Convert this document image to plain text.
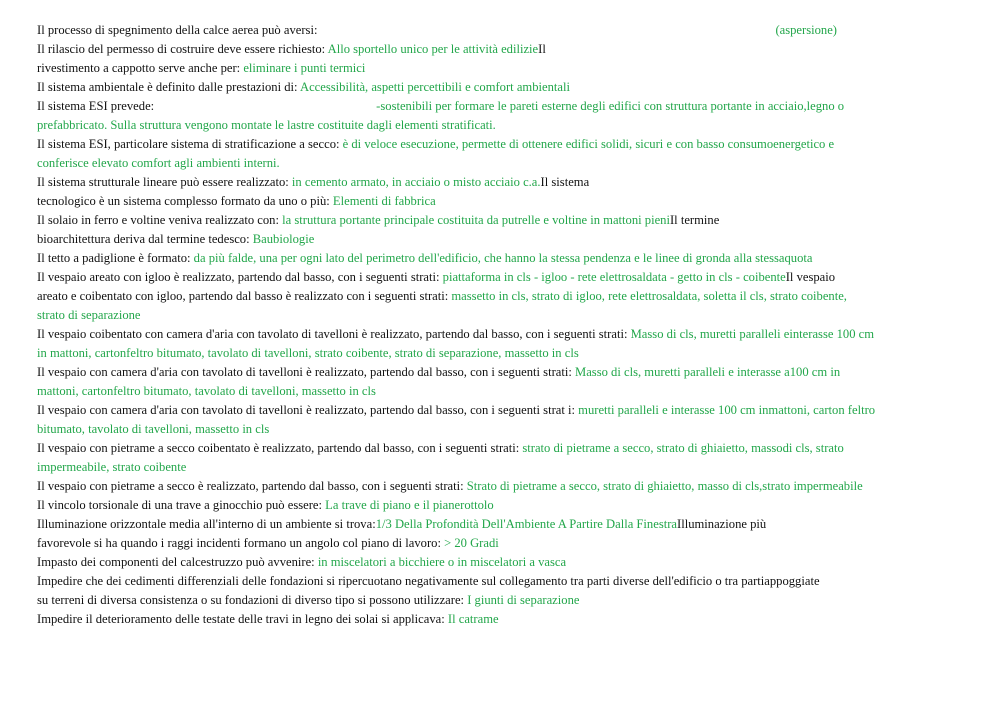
Il processo di spegnimento della calce aerea può aversi:	(aspersione)
Il rilascio del permesso di costruire deve essere richiesto: Allo sportello unico per le attività edilizieIl
rivestimento a cappotto serve anche per: eliminare i punti termici
Il sistema ambientale è definito dalle prestazioni di: Accessibilità, aspetti percettibili e comfort ambientali
Il sistema ESI prevede:	-sostenibili per formare le pareti esterne degli edifici con struttura portante in acciaio,legno o
prefabbricato. Sulla struttura vengono montate le lastre costituite dagli elementi stratificati.
Il sistema ESI, particolare sistema di stratificazione a secco: è di veloce esecuzione, permette di ottenere edifici solidi, sicuri e con basso consumoenergetico e
conferisce elevato comfort agli ambienti interni.
Il sistema strutturale lineare può essere realizzato: in cemento armato, in acciaio o misto acciaio c.a.Il sistema
tecnologico è un sistema complesso formato da uno o più: Elementi di fabbrica
Il solaio in ferro e voltine veniva realizzato con: la struttura portante principale costituita da putrelle e voltine in mattoni pieniIl termine
bioarchitettura deriva dal termine tedesco: Baubiologie
Il tetto a padiglione è formato: da più falde, una per ogni lato del perimetro dell'edificio, che hanno la stessa pendenza e le linee di gronda alla stessaquota
Il vespaio areato con igloo è realizzato, partendo dal basso, con i seguenti strati: piattaforma in cls - igloo - rete elettrosaldata - getto in cls - coibenteIl vespaio
areato e coibentato con igloo, partendo dal basso è realizzato con i seguenti strati: massetto in cls, strato di igloo, rete elettrosaldata, soletta il cls, strato coibente,
strato di separazione
Il vespaio coibentato con camera d'aria con tavolato di tavelloni è realizzato, partendo dal basso, con i seguenti strati: Masso di cls, muretti paralleli einterasse 100 cm
in mattoni, cartonfeltro bitumato, tavolato di tavelloni, strato coibente, strato di separazione, massetto in cls
Il vespaio con camera d'aria con tavolato di tavelloni è realizzato, partendo dal basso, con i seguenti strati: Masso di cls, muretti paralleli e interasse a100 cm in
mattoni, cartonfeltro bitumato, tavolato di tavelloni, massetto in cls
Il vespaio con camera d'aria con tavolato di tavelloni è realizzato, partendo dal basso, con i seguenti strat i: muretti paralleli e interasse 100 cm inmattoni, carton feltro
bitumato, tavolato di tavelloni, massetto in cls
Il vespaio con pietrame a secco coibentato è realizzato, partendo dal basso, con i seguenti strati: strato di pietrame a secco, strato di ghiaietto, massodi cls, strato
impermeabile, strato coibente
Il vespaio con pietrame a secco è realizzato, partendo dal basso, con i seguenti strati: Strato di pietrame a secco, strato di ghiaietto, masso di cls,strato impermeabile
Il vincolo torsionale di una trave a ginocchio può essere: La trave di piano e il pianerottolo
Illuminazione orizzontale media all'interno di un ambiente si trova:1/3 Della Profondità Dell'Ambiente A Partire Dalla FinestraIlluminazione più
favorevole si ha quando i raggi incidenti formano un angolo col piano di lavoro: > 20 Gradi
Impasto dei componenti del calcestruzzo può avvenire: in miscelatori a bicchiere o in miscelatori a vasca
Impedire che dei cedimenti differenziali delle fondazioni si ripercuotano negativamente sul collegamento tra parti diverse dell'edificio o tra partiappoggiate
su terreni di diversa consistenza o su fondazioni di diverso tipo si possono utilizzare: I giunti di separazione
Impedire il deterioramento delle testate delle travi in legno dei solai si applicava: Il catrame
